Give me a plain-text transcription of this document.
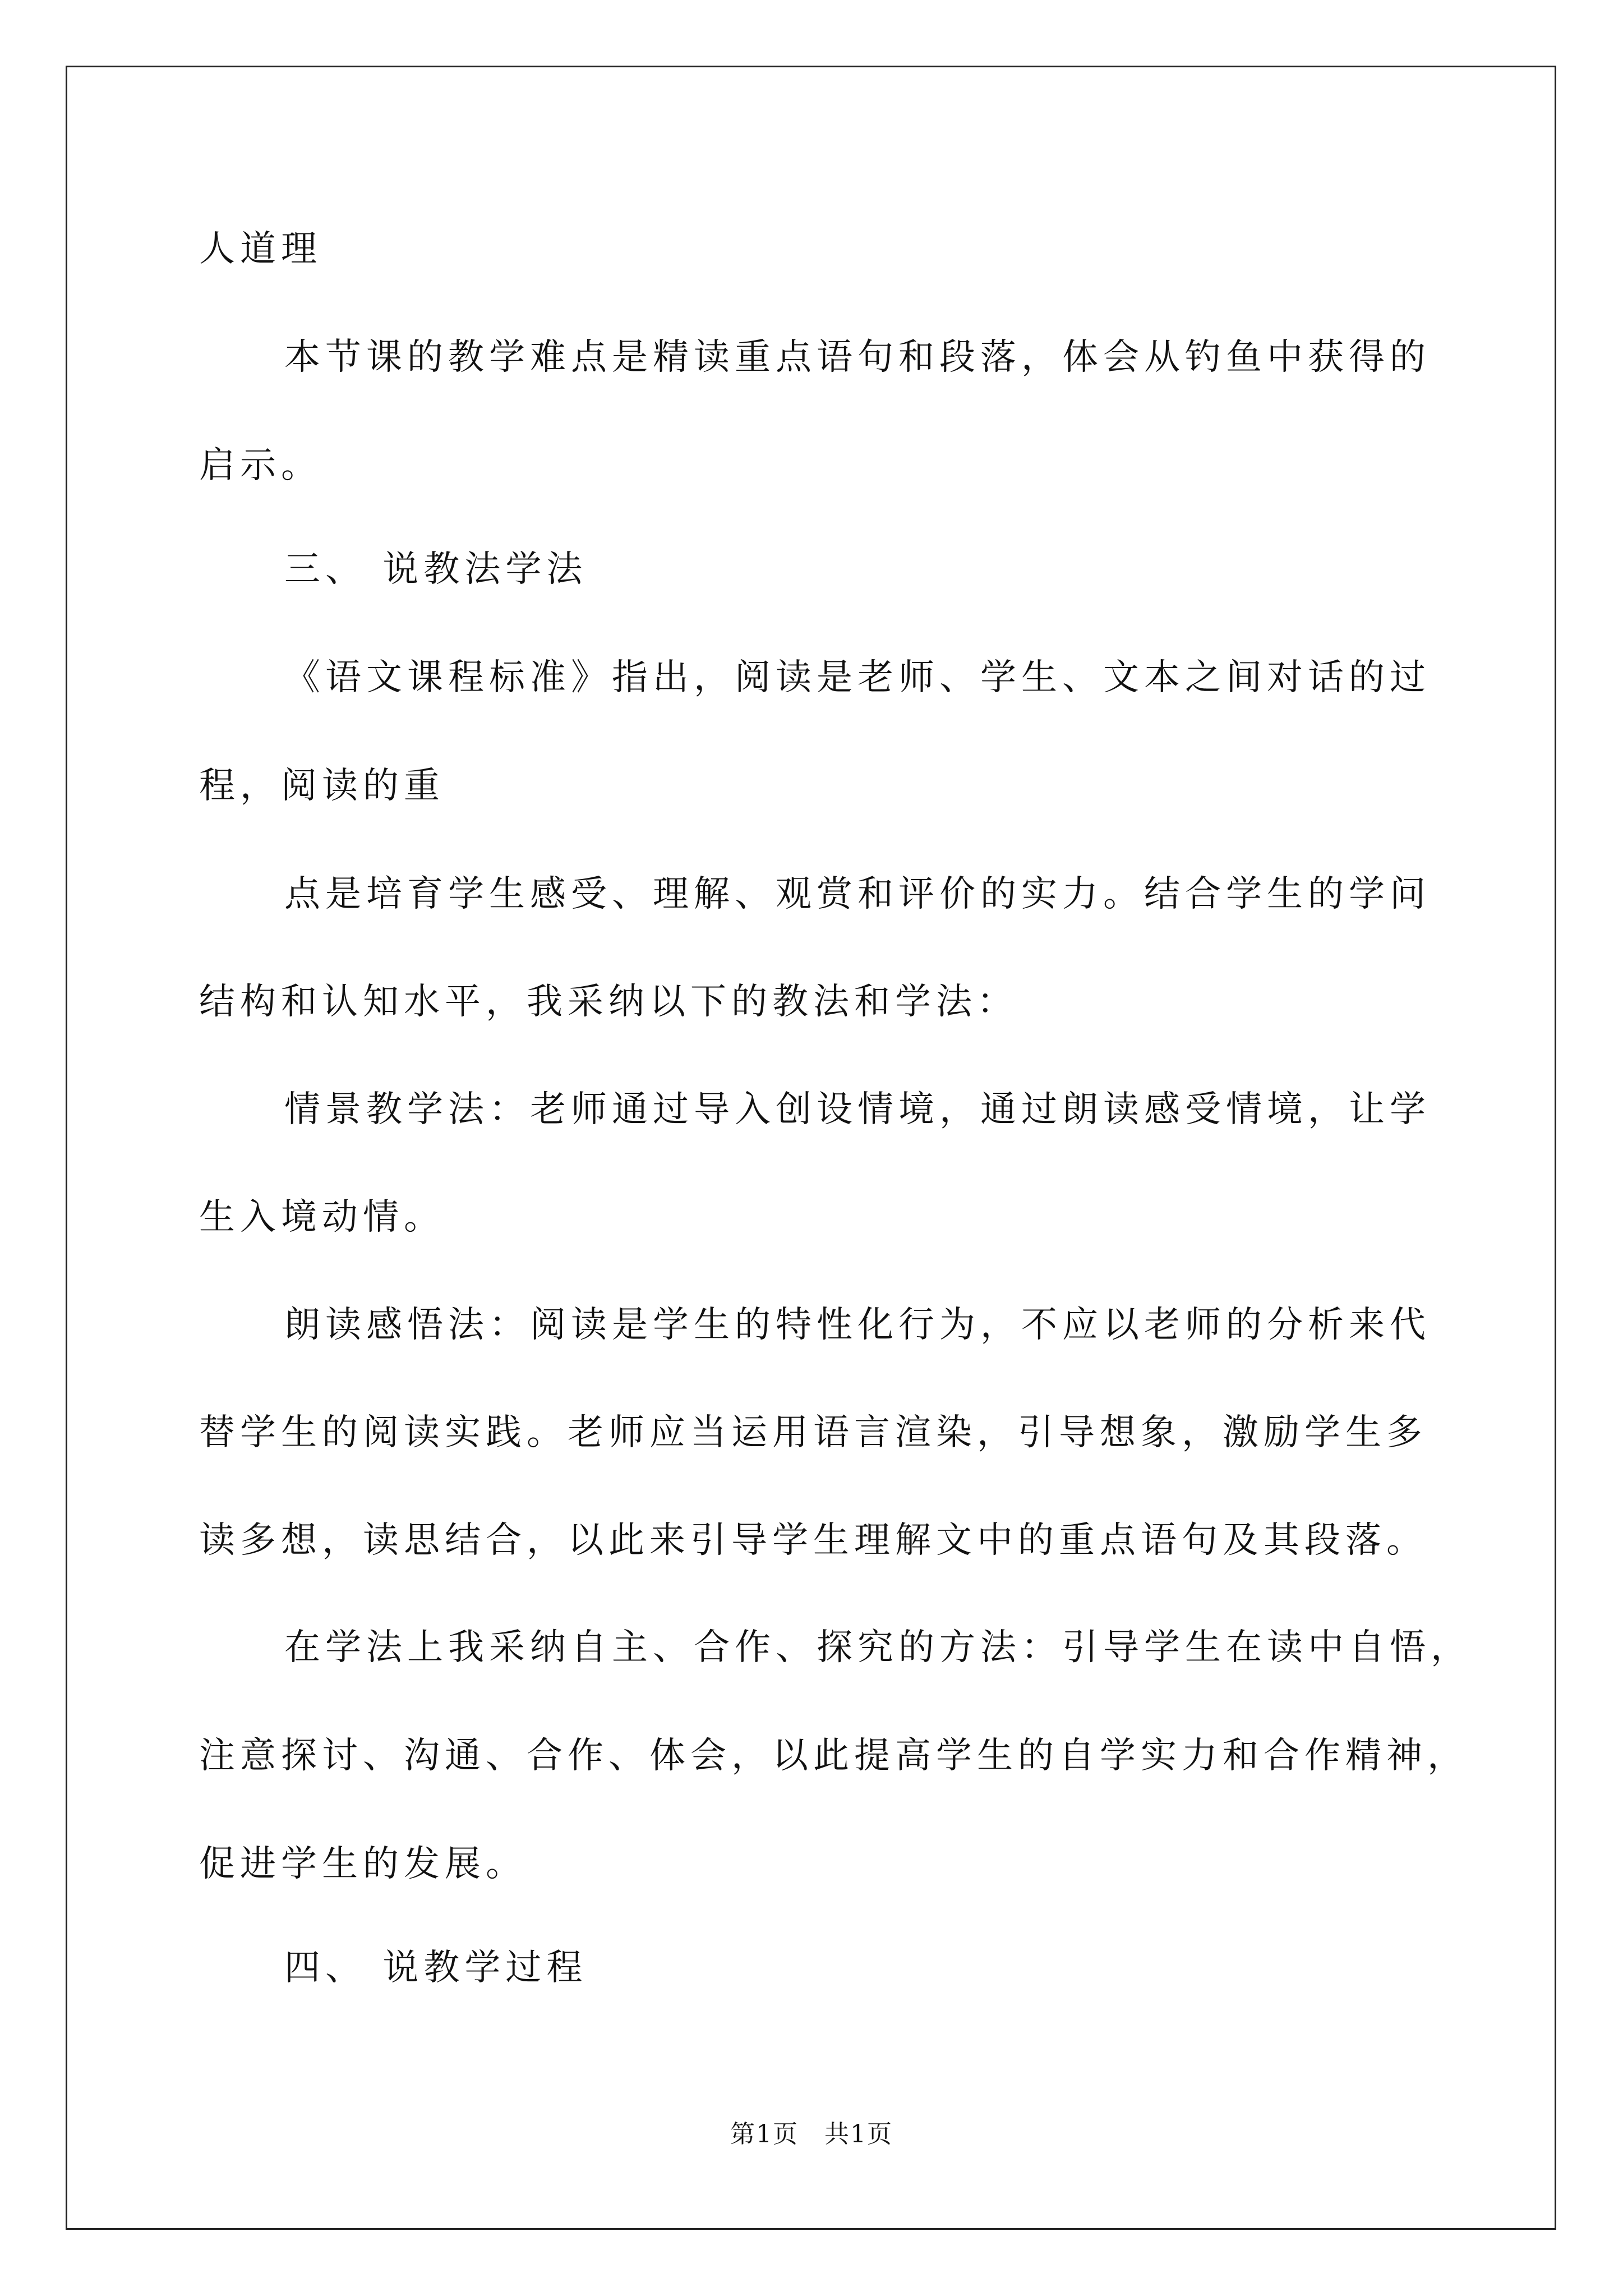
人道理
本节课的教学难点是精读重点语句和段落，体会从钓鱼中获得的
启示。
三、 说教法学法
《语文课程标准》指出，阅读是老师、学生、文本之间对话的过
程，阅读的重
点是培育学生感受、理解、观赏和评价的实力。结合学生的学问
结构和认知水平，我采纳以下的教法和学法：
情景教学法：老师通过导入创设情境，通过朗读感受情境，让学
生入境动情。
朗读感悟法：阅读是学生的特性化行为，不应以老师的分析来代
替学生的阅读实践。老师应当运用语言渲染，引导想象，激励学生多
读多想，读思结合，以此来引导学生理解文中的重点语句及其段落。
在学法上我采纳自主、合作、探究的方法：引导学生在读中自悟，
注意探讨、沟通、合作、体会，以此提高学生的自学实力和合作精神，
促进学生的发展。
四、 说教学过程
第1页　共1页
